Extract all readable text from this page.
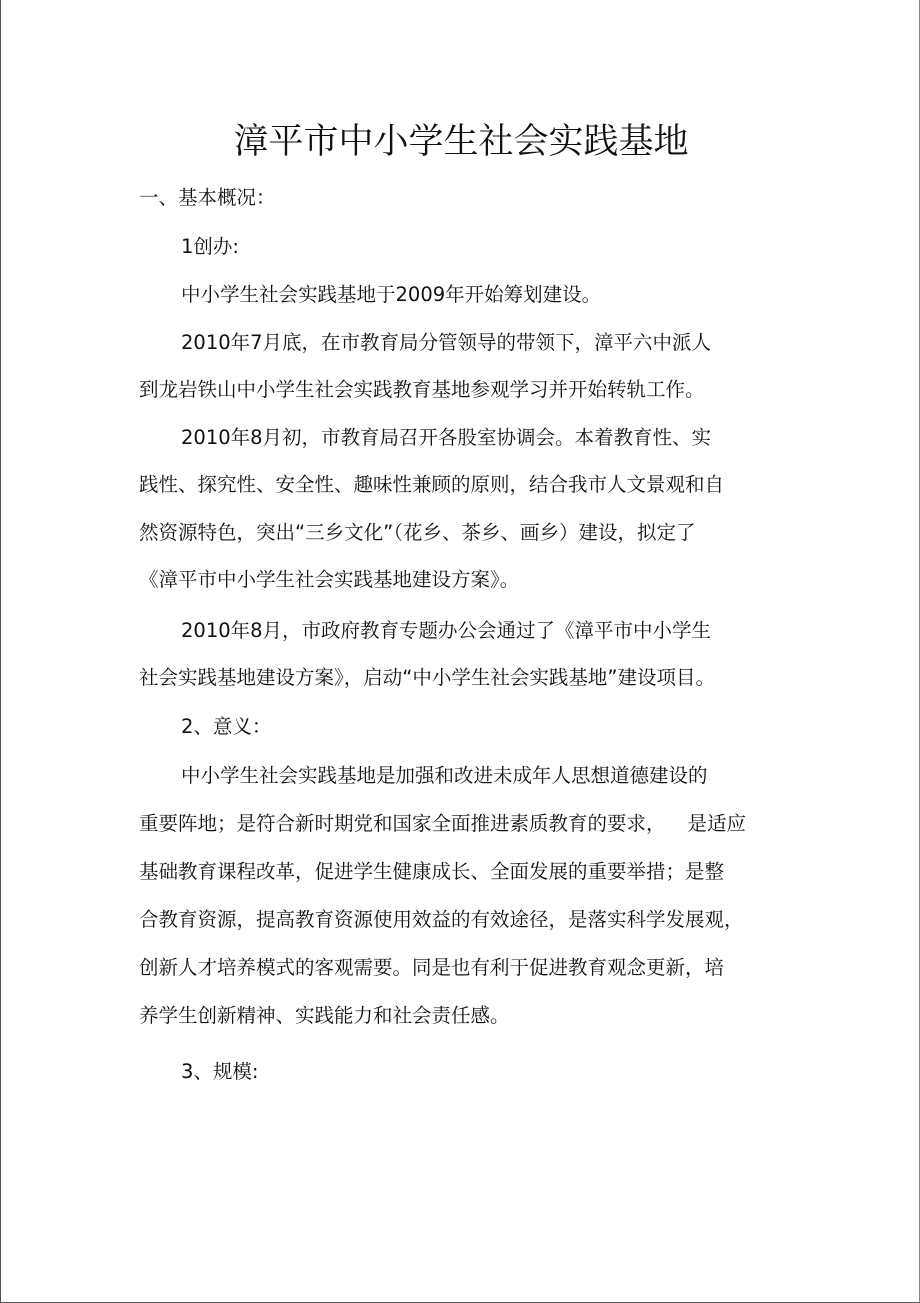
漳平市中小学生社会实践基地
一、基本概况：
1创办:
中小学生社会实践基地于2009年开始筹划建设。
2010年7月底，在市教育局分管领导的带领下，漳平六中派人
到龙岩铁山中小学生社会实践教育基地参观学习并开始转轨工作。
2010年8月初，市教育局召开各股室协调会。本着教育性、实
践性、探究性、安全性、趣味性兼顾的原则，结合我市人文景观和自
然资源特色，突出“三乡文化”（花乡、茶乡、画乡）建设，拟定了
《漳平市中小学生社会实践基地建设方案》。
2010年8月，市政府教育专题办公会通过了《漳平市中小学生
社会实践基地建设方案》，启动“中小学生社会实践基地”建设项目。
2、意义：
中小学生社会实践基地是加强和改进未成年人思想道德建设的
重要阵地；是符合新时期党和国家全面推进素质教育的要求， 是适应
基础教育课程改革，促进学生健康成长、全面发展的重要举措；是整
合教育资源，提高教育资源使用效益的有效途径，是落实科学发展观，
创新人才培养模式的客观需要。同是也有利于促进教育观念更新，培
养学生创新精神、实践能力和社会责任感。
3、规模:
